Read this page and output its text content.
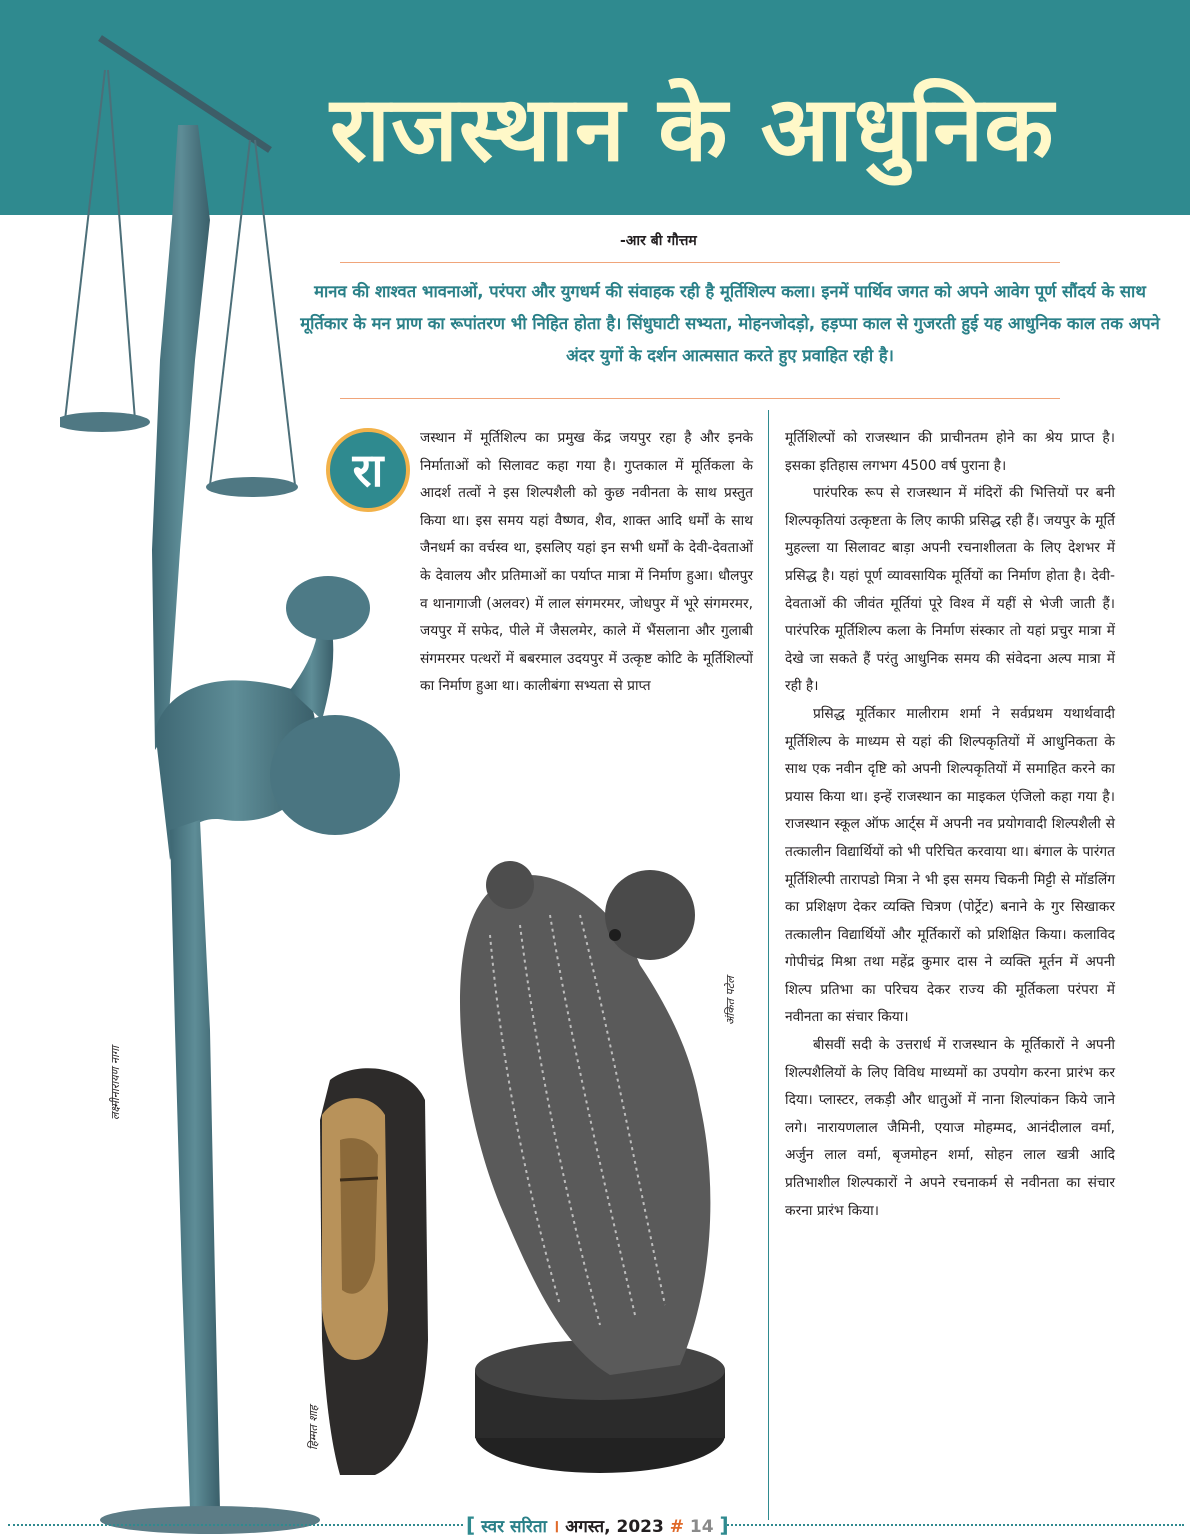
राजस्थान के आधुनिक
-आर बी गौत्तम
मानव की शाश्वत भावनाओं, परंपरा और युगधर्म की संवाहक रही है मूर्तिशिल्प कला। इनमें पार्थिव जगत को अपने आवेग पूर्ण सौंदर्य के साथ मूर्तिकार के मन प्राण का रूपांतरण भी निहित होता है। सिंधुघाटी सभ्यता, मोहनजोदड़ो, हड़प्पा काल से गुजरती हुई यह आधुनिक काल तक अपने अंदर युगों के दर्शन आत्मसात करते हुए प्रवाहित रही है।
रा

जस्थान में मूर्तिशिल्प का प्रमुख केंद्र जयपुर रहा है और इनके निर्माताओं को सिलावट कहा गया है। गुप्तकाल में मूर्तिकला के आदर्श तत्वों ने इस शिल्पशैली को कुछ नवीनता के साथ प्रस्तुत किया था। इस समय यहां वैष्णव, शैव, शाक्त आदि धर्मों के साथ जैनधर्म का वर्चस्व था, इसलिए यहां इन सभी धर्मों के देवी-देवताओं के देवालय और प्रतिमाओं का पर्याप्त मात्रा में निर्माण हुआ। धौलपुर व थानागाजी (अलवर) में लाल संगमरमर, जोधपुर में भूरे संगमरमर, जयपुर में सफेद, पीले में जैसलमेर, काले में भैंसलाना और गुलाबी संगमरमर पत्थरों में बबरमाल उदयपुर में उत्कृष्ट कोटि के मूर्तिशिल्पों का निर्माण हुआ था। कालीबंगा सभ्यता से प्राप्त

मूर्तिशिल्पों को राजस्थान की प्राचीनतम होने का श्रेय प्राप्त है। इसका इतिहास लगभग 4500 वर्ष पुराना है।

पारंपरिक रूप से राजस्थान में मंदिरों की भित्तियों पर बनी शिल्पकृतियां उत्कृष्टता के लिए काफी प्रसिद्ध रही हैं। जयपुर के मूर्ति मुहल्ला या सिलावट बाड़ा अपनी रचनाशीलता के लिए देशभर में प्रसिद्ध है। यहां पूर्ण व्यावसायिक मूर्तियों का निर्माण होता है। देवी-देवताओं की जीवंत मूर्तियां पूरे विश्व में यहीं से भेजी जाती हैं। पारंपरिक मूर्तिशिल्प कला के निर्माण संस्कार तो यहां प्रचुर मात्रा में देखे जा सकते हैं परंतु आधुनिक समय की संवेदना अल्प मात्रा में रही है।

प्रसिद्ध मूर्तिकार मालीराम शर्मा ने सर्वप्रथम यथार्थवादी मूर्तिशिल्प के माध्यम से यहां की शिल्पकृतियों में आधुनिकता के साथ एक नवीन दृष्टि को अपनी शिल्पकृतियों में समाहित करने का प्रयास किया था। इन्हें राजस्थान का माइकल एंजिलो कहा गया है। राजस्थान स्कूल ऑफ आर्ट्स में अपनी नव प्रयोगवादी शिल्पशैली से तत्कालीन विद्यार्थियों को भी परिचित करवाया था। बंगाल के पारंगत मूर्तिशिल्पी तारापडो मित्रा ने भी इस समय चिकनी मिट्टी से मॉडलिंग का प्रशिक्षण देकर व्यक्ति चित्रण (पोर्ट्रेट) बनाने के गुर सिखाकर तत्कालीन विद्यार्थियों और मूर्तिकारों को प्रशिक्षित किया। कलाविद गोपीचंद्र मिश्रा तथा महेंद्र कुमार दास ने व्यक्ति मूर्तन में अपनी शिल्प प्रतिभा का परिचय देकर राज्य की मूर्तिकला परंपरा में नवीनता का संचार किया।

बीसवीं सदी के उत्तरार्ध में राजस्थान के मूर्तिकारों ने अपनी शिल्पशैलियों के लिए विविध माध्यमों का उपयोग करना प्रारंभ कर दिया। प्लास्टर, लकड़ी और धातुओं में नाना शिल्पांकन किये जाने लगे। नारायणलाल जैमिनी, एयाज मोहम्मद, आनंदीलाल वर्मा, अर्जुन लाल वर्मा, बृजमोहन शर्मा, सोहन लाल खत्री आदि प्रतिभाशील शिल्पकारों ने अपने रचनाकर्म से नवीनता का संचार करना प्रारंभ किया।

लक्ष्मीनारायण नागा
अंकित पटेल
हिम्मत शाह
[ स्वर सरिता । अगस्त, 2023 # 14 ]
